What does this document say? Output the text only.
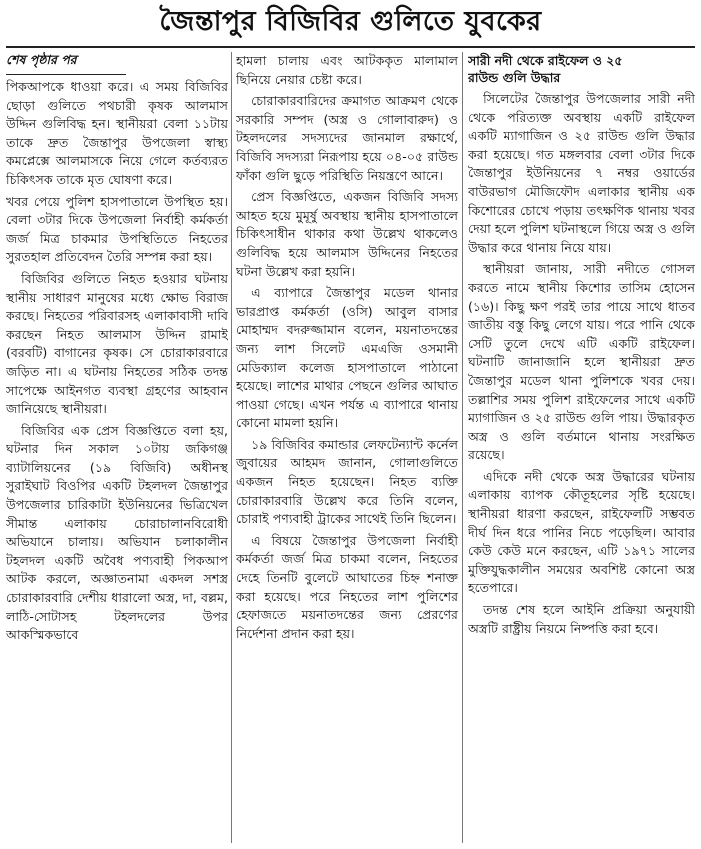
জৈন্তাপুর বিজিবির গুলিতে যুবকের
শেষ পৃষ্ঠার পর

পিকআপকে ধাওয়া করে। এ সময় বিজিবির ছোড়া গুলিতে পথচারী কৃষক আলমাস উদ্দিন গুলিবিদ্ধ হন। স্থানীয়রা বেলা ১১টায় তাকে দ্রুত জৈন্তাপুর উপজেলা স্বাস্থ্য কমপ্লেক্সে আলমাসকে নিয়ে গেলে কর্তব্যরত চিকিৎসক তাকে মৃত ঘোষণা করে।

খবর পেয়ে পুলিশ হাসপাতালে উপস্থিত হয়। বেলা ৩টার দিকে উপজেলা নির্বাহী কর্মকর্তা জর্জ মিত্র চাকমার উপস্থিতিতে নিহতের সুরতহাল প্রতিবেদন তৈরি সম্পন্ন করা হয়।

বিজিবির গুলিতে নিহত হওয়ার ঘটনায় স্থানীয় সাধারণ মানুষের মধ্যে ক্ষোভ বিরাজ করছে। নিহতের পরিবারসহ এলাকাবাসী দাবি করছেন নিহত আলমাস উদ্দিন রামাই (বরবটি) বাগানের কৃষক। সে চোরাকারবারে জড়িত না। এ ঘটনায় নিহতের সঠিক তদন্ত সাপেক্ষে আইনগত ব্যবস্থা গ্রহণের আহবান জানিয়েছে স্থানীয়রা।

বিজিবির এক প্রেস বিজ্ঞপ্তিতে বলা হয়, ঘটনার দিন সকাল ১০টায় জকিগঞ্জ ব্যাটালিয়নের (১৯ বিজিবি) অধীনস্থ সুরাইঘাট বিওপির একটি টহলদল জৈন্তাপুর উপজেলার চারিকাটা ইউনিয়নের ভিত্রিখেল সীমান্ত এলাকায় চোরাচালানবিরোধী অভিযানে চালায়। অভিযান চলাকালীন টহলদল একটি অবৈধ পণ্যবাহী পিকআপ আটক করলে, অজ্ঞাতনামা একদল সশস্ত্র চোরাকারবারি দেশীয় ধারালো অস্ত্র, দা, বল্লম, লাঠি-সোটাসহ টহলদলের উপর আকস্মিকভাবে

হামলা চালায় এবং আটককৃত মালামাল ছিনিয়ে নেয়ার চেষ্টা করে।

চোরাকারবারিদের ক্রমাগত আক্রমণ থেকে সরকারি সম্পদ (অস্ত্র ও গোলাবারুদ) ও টহলদলের সদস্যদের জানমাল রক্ষার্থে, বিজিবি সদস্যরা নিরূপায় হয়ে ০৪-০৫ রাউন্ড ফাঁকা গুলি ছুড়ে পরিস্থিতি নিয়ন্ত্রণে আনে।

প্রেস বিজ্ঞপ্তিতে, একজন বিজিবি সদস্য আহত হয়ে মুমূর্ষু অবস্থায় স্থানীয় হাসপাতালে চিকিৎসাধীন থাকার কথা উল্লেখ থাকলেও গুলিবিদ্ধ হয়ে আলমাস উদ্দিনের নিহতের ঘটনা উল্লেখ করা হয়নি।

এ ব্যাপারে জৈন্তাপুর মডেল থানার ভারপ্রাপ্ত কর্মকর্তা (ওসি) আবুল বাসার মোহাম্মদ বদরুজ্জামান বলেন, ময়নাতদন্তের জন্য লাশ সিলেট এমএজি ওসমানী মেডিক্যাল কলেজ হাসপাতালে পাঠানো হয়েছে। লাশের মাথার পেছনে গুলির আঘাত পাওয়া গেছে। এখন পর্যন্ত এ ব্যাপারে থানায় কোনো মামলা হয়নি।

১৯ বিজিবির কমান্ডার লেফটেন্যান্ট কর্নেল জুবায়ের আহমদ জানান, গোলাগুলিতে একজন নিহত হয়েছেন। নিহত ব্যক্তি চোরাকারবারি উল্লেখ করে তিনি বলেন, চোরাই পণ্যবাহী ট্রাকের সাথেই তিনি ছিলেন।

এ বিষয়ে জৈন্তাপুর উপজেলা নির্বাহী কর্মকর্তা জর্জ মিত্র চাকমা বলেন, নিহতের দেহে তিনটি বুলেটে আঘাতের চিহ্ন শনাক্ত করা হয়েছে। পরে নিহতের লাশ পুলিশের হেফাজতে ময়নাতদন্তের জন্য প্রেরণের নির্দেশনা প্রদান করা হয়।

সারী নদী থেকে রাইফেল ও ২৫
রাউন্ড গুলি উদ্ধার

সিলেটের জৈন্তাপুর উপজেলার সারী নদী থেকে পরিত্যক্ত অবস্থায় একটি রাইফেল একটি ম্যাগাজিন ও ২৫ রাউন্ড গুলি উদ্ধার করা হয়েছে। গত মঙ্গলবার বেলা ৩টার দিকে জৈন্তাপুর ইউনিয়নের ৭ নম্বর ওয়ার্ডের বাউরভাগ মৌজিফৌদ এলাকার স্থানীয় এক কিশোরের চোখে পড়ায় তৎক্ষণিক থানায় খবর দেয়া হলে পুলিশ ঘটনাস্থলে গিয়ে অস্ত্র ও গুলি উদ্ধার করে থানায় নিয়ে যায়।

স্থানীয়রা জানায়, সারী নদীতে গোসল করতে নামে স্থানীয় কিশোর তাসিম হোসেন (১৬)। কিছু ক্ষণ পরই তার পায়ে সাথে ধাতব জাতীয় বস্তু কিছু লেগে যায়। পরে পানি থেকে সেটি তুলে দেখে এটি একটি রাইফেল। ঘটনাটি জানাজানি হলে স্থানীয়রা দ্রুত জৈন্তাপুর মডেল থানা পুলিশকে খবর দেয়। তল্লাশির সময় পুলিশ রাইফেলের সাথে একটি ম্যাগাজিন ও ২৫ রাউন্ড গুলি পায়। উদ্ধারকৃত অস্ত্র ও গুলি বর্তমানে থানায় সংরক্ষিত রয়েছে।

এদিকে নদী থেকে অস্ত্র উদ্ধারের ঘটনায় এলাকায় ব্যাপক কৌতূহলের সৃষ্টি হয়েছে। স্থানীয়রা ধারণা করছেন, রাইফেলটি সম্ভবত দীর্ঘ দিন ধরে পানির নিচে পড়েছিল। আবার কেউ কেউ মনে করছেন, এটি ১৯৭১ সালের মুক্তিযুদ্ধকালীন সময়ের অবশিষ্ট কোনো অস্ত্র হতেপারে।

তদন্ত শেষ হলে আইনি প্রক্রিয়া অনুযায়ী অস্ত্রটি রাষ্ট্রীয় নিয়মে নিষ্পত্তি করা হবে।
